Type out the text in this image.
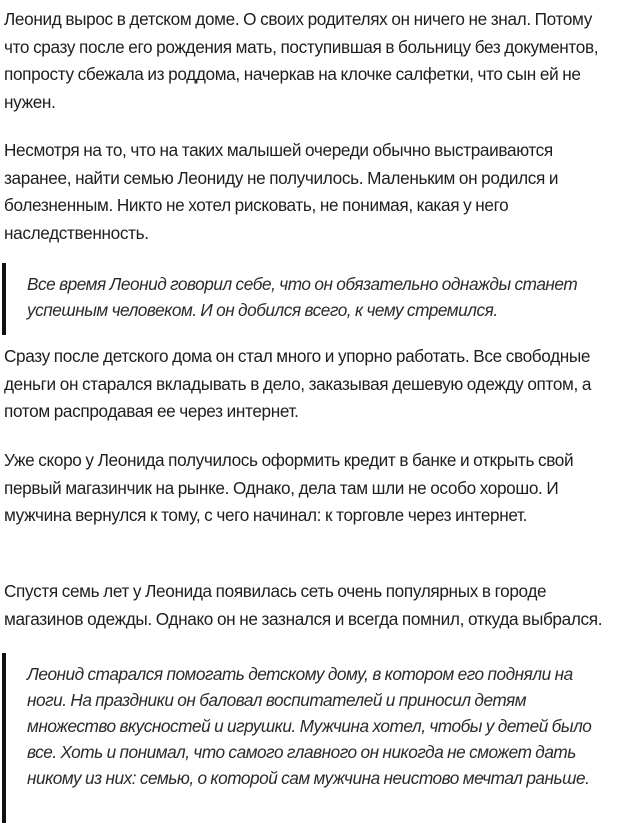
Леонид вырос в детском доме. О своих родителях он ничего не знал. Потому что сразу после его рождения мать, поступившая в больницу без документов, попросту сбежала из роддома, начеркав на клочке салфетки, что сын ей не нужен.

Несмотря на то, что на таких малышей очереди обычно выстраиваются заранее, найти семью Леониду не получилось. Маленьким он родился и болезненным. Никто не хотел рисковать, не понимая, какая у него наследственность.

Все время Леонид говорил себе, что он обязательно однажды станет успешным человеком. И он добился всего, к чему стремился.

Сразу после детского дома он стал много и упорно работать. Все свободные деньги он старался вкладывать в дело, заказывая дешевую одежду оптом, а потом распродавая ее через интернет.

Уже скоро у Леонида получилось оформить кредит в банке и открыть свой первый магазинчик на рынке. Однако, дела там шли не особо хорошо. И мужчина вернулся к тому, с чего начинал: к торговле через интернет.

Спустя семь лет у Леонида появилась сеть очень популярных в городе магазинов одежды. Однако он не зазнался и всегда помнил, откуда выбрался.

Леонид старался помогать детскому дому, в котором его подняли на ноги. На праздники он баловал воспитателей и приносил детям множество вкусностей и игрушки. Мужчина хотел, чтобы у детей было все. Хоть и понимал, что самого главного он никогда не сможет дать никому из них: семью, о которой сам мужчина неистово мечтал раньше.
